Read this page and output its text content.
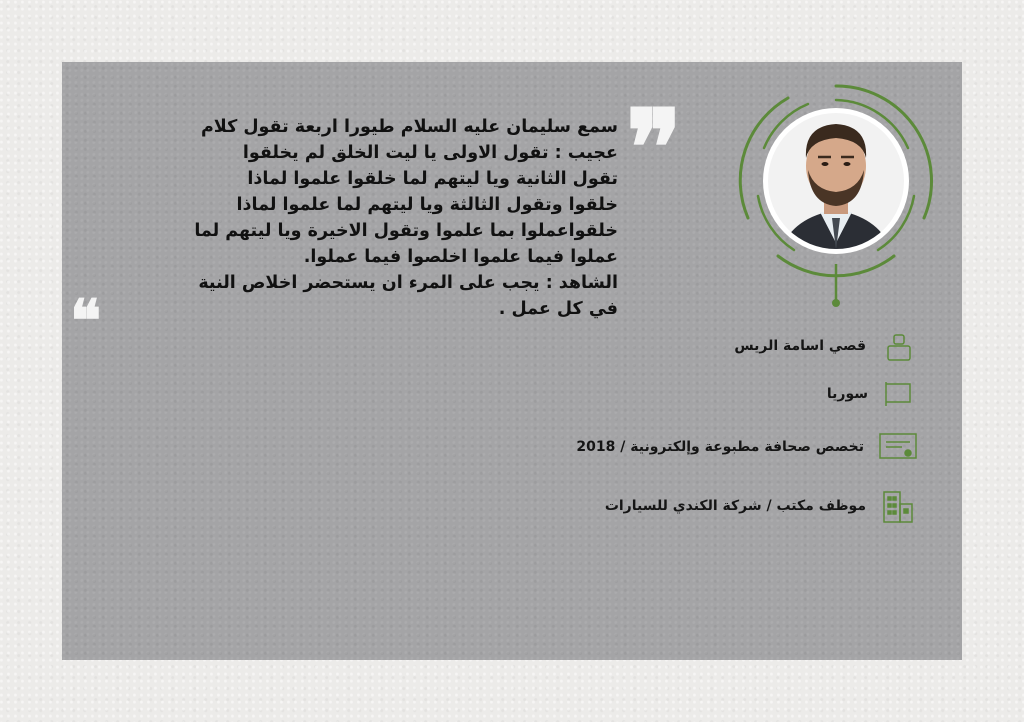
سمع سليمان عليه السلام طيورا اربعة تقول كلام
عجيب : تقول الاولى يا ليت الخلق لم يخلقوا
تقول الثانية ويا ليتهم لما خلقوا علموا لماذا
خلقوا وتقول الثالثة ويا ليتهم لما علموا لماذا
خلقواعملوا بما علموا وتقول الاخيرة ويا ليتهم لما
عملوا فيما علموا اخلصوا فيما عملوا.
الشاهد : يجب على المرء ان يستحضر اخلاص النية
في كل عمل .
❞
❝	قصي اسامة الريس
سوريا
تخصص صحافة مطبوعة وإلكترونية / 2018
موظف مكتب / شركة الكندي للسيارات
